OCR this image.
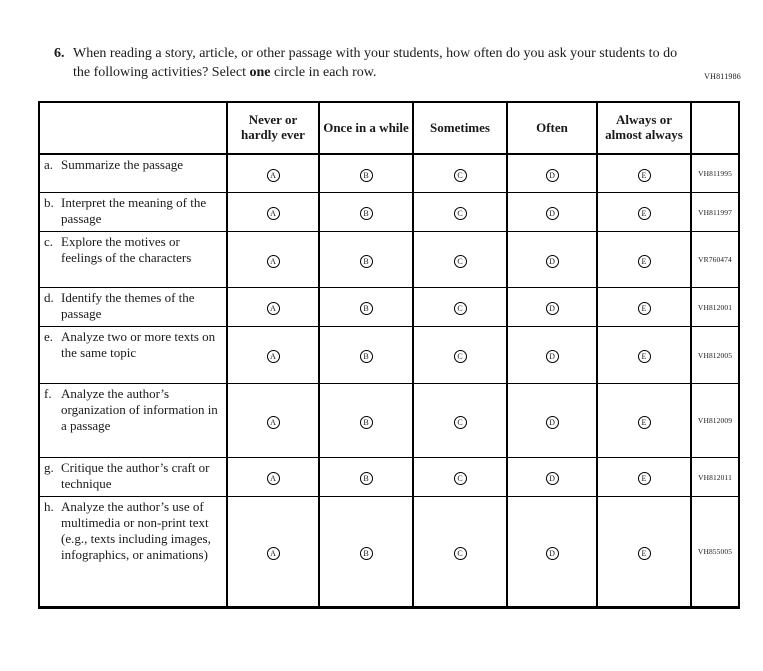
VH811986
6. When reading a story, article, or other passage with your students, how often do you ask your students to do the following activities? Select one circle in each row.
	Never or hardly ever	Once in a while	Sometimes	Often	Always or almost always	

a. Summarize the passage	A	B	C	D	E	VH811995

b. Interpret the meaning of the passage	A	B	C	D	E	VH811997

c. Explore the motives or feelings of the characters	A	B	C	D	E	VR760474

d. Identify the themes of the passage	A	B	C	D	E	VH812001

e. Analyze two or more texts on the same topic	A	B	C	D	E	VH812005

f. Analyze the author’s organization of information in a passage	A	B	C	D	E	VH812009

g. Critique the author’s craft or technique	A	B	C	D	E	VH812011

h. Analyze the author’s use of multimedia or non-print text (e.g., texts including images, infographics, or animations)	A	B	C	D	E	VH855005
